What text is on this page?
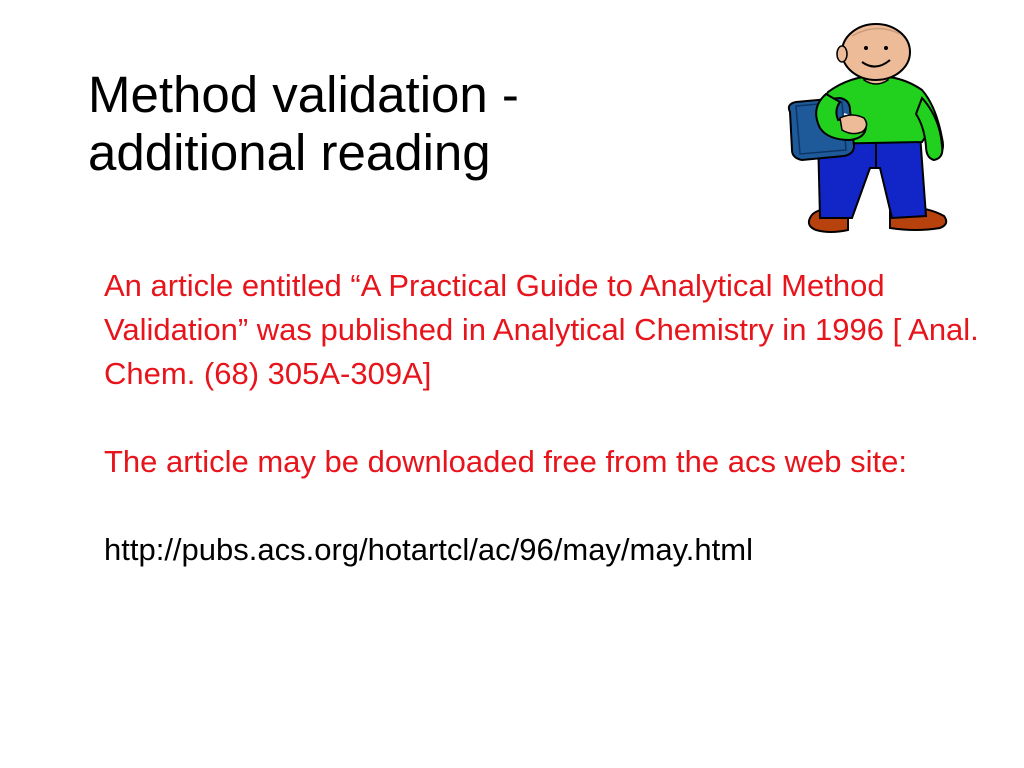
Method validation -
additional reading

An article entitled “A Practical Guide to Analytical Method Validation” was published in Analytical Chemistry in 1996 [ Anal. Chem. (68) 305A-309A]

The article may be downloaded free from the acs web site:

http://pubs.acs.org/hotartcl/ac/96/may/may.html
